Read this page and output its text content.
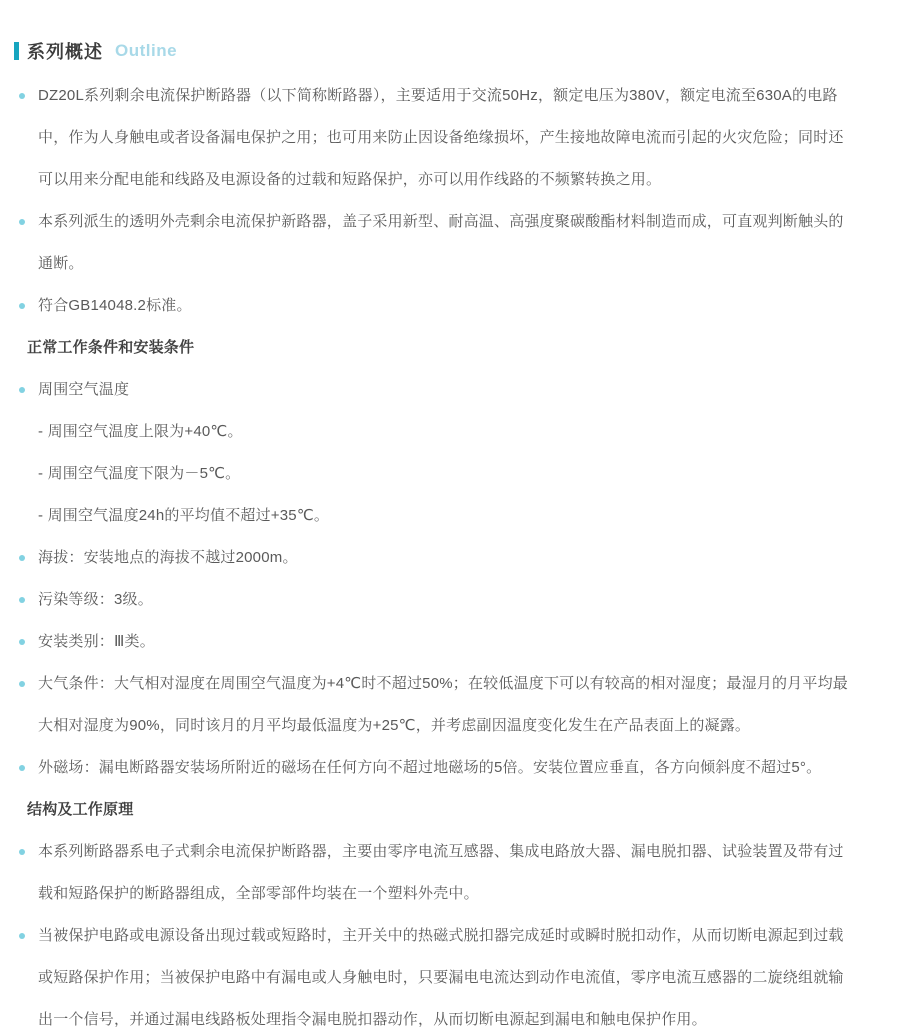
系列概述 Outline
DZ20L系列剩余电流保护断路器（以下简称断路器），主要适用于交流50Hz，额定电压为380V，额定电流至630A的电路中，作为人身触电或者设备漏电保护之用；也可用来防止因设备绝缘损坏，产生接地故障电流而引起的火灾危险；同时还可以用来分配电能和线路及电源设备的过载和短路保护，亦可以用作线路的不频繁转换之用。
本系列派生的透明外壳剩余电流保护新路器，盖子采用新型、耐高温、高强度聚碳酸酯材料制造而成，可直观判断触头的通断。
符合GB14048.2标准。
正常工作条件和安装条件
周围空气温度
- 周围空气温度上限为+40℃。
- 周围空气温度下限为－5℃。
- 周围空气温度24h的平均值不超过+35℃。
海拔：安装地点的海拔不越过2000m。
污染等级：3级。
安装类别：Ⅲ类。
大气条件：大气相对湿度在周围空气温度为+4℃时不超过50%；在较低温度下可以有较高的相对湿度；最湿月的月平均最大相对湿度为90%，同时该月的月平均最低温度为+25℃，并考虑副因温度变化发生在产品表面上的凝露。
外磁场：漏电断路器安装场所附近的磁场在任何方向不超过地磁场的5倍。安装位置应垂直，各方向倾斜度不超过5°。
结构及工作原理
本系列断路器系电子式剩余电流保护断路器，主要由零序电流互感器、集成电路放大器、漏电脱扣器、试验装置及带有过载和短路保护的断路器组成，全部零部件均装在一个塑料外壳中。
当被保护电路或电源设备出现过载或短路时，主开关中的热磁式脱扣器完成延时或瞬时脱扣动作，从而切断电源起到过载或短路保护作用；当被保护电路中有漏电或人身触电时，只要漏电电流达到动作电流值，零序电流互感器的二旋绕组就输出一个信号，并通过漏电线路板处理指令漏电脱扣器动作，从而切断电源起到漏电和触电保护作用。
